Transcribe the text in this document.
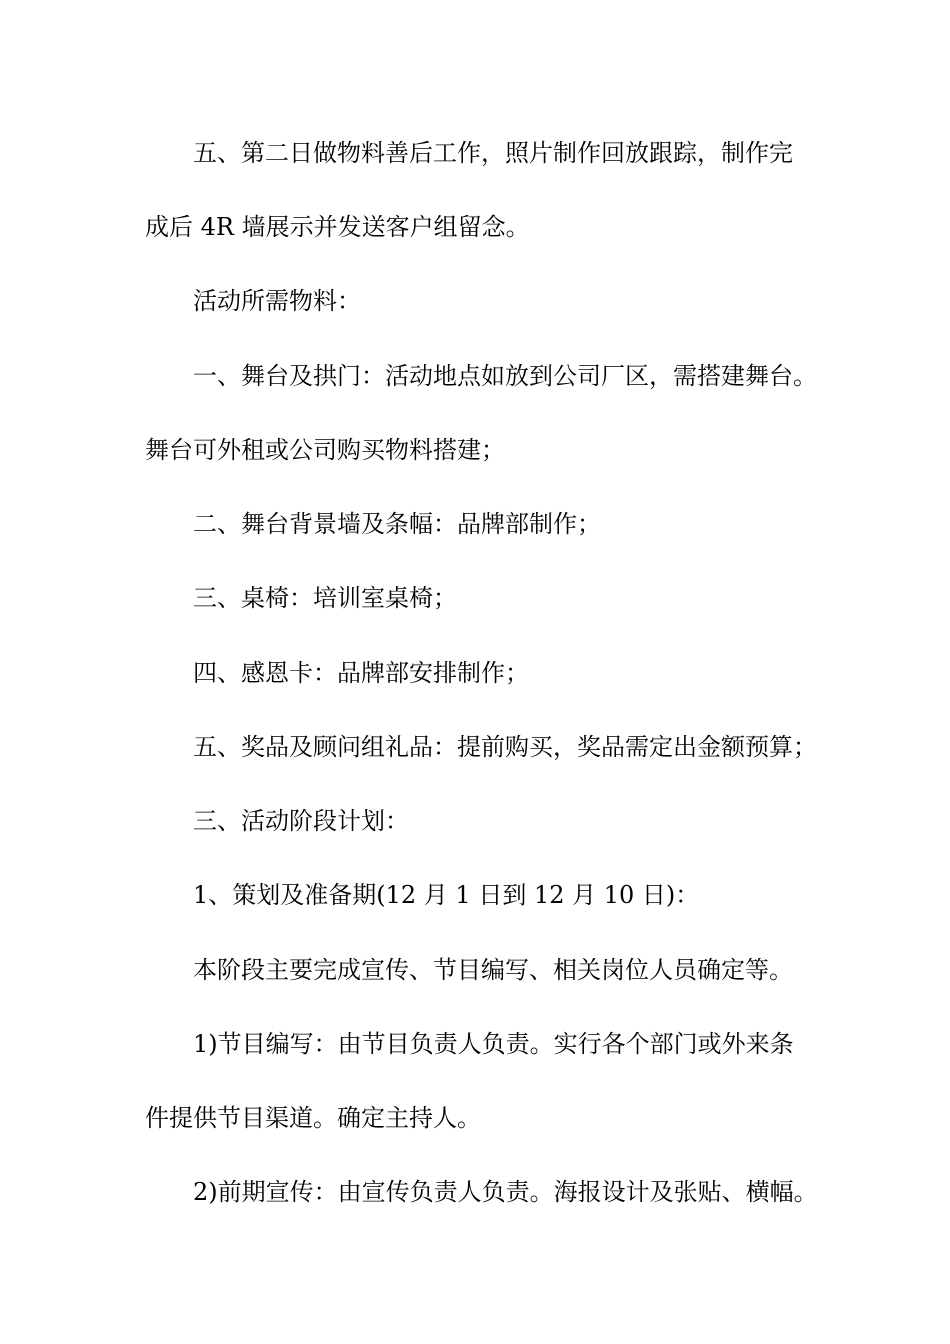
五、第二日做物料善后工作，照片制作回放跟踪，制作完
成后 4R 墙展示并发送客户组留念。
活动所需物料：
一、舞台及拱门：活动地点如放到公司厂区，需搭建舞台。
舞台可外租或公司购买物料搭建；
二、舞台背景墙及条幅：品牌部制作；
三、桌椅：培训室桌椅；
四、感恩卡：品牌部安排制作；
五、奖品及顾问组礼品：提前购买，奖品需定出金额预算；
三、活动阶段计划：
1、策划及准备期(12 月 1 日到 12 月 10 日)：
本阶段主要完成宣传、节目编写、相关岗位人员确定等。
1)节目编写：由节目负责人负责。实行各个部门或外来条
件提供节目渠道。确定主持人。
2)前期宣传：由宣传负责人负责。海报设计及张贴、横幅。
